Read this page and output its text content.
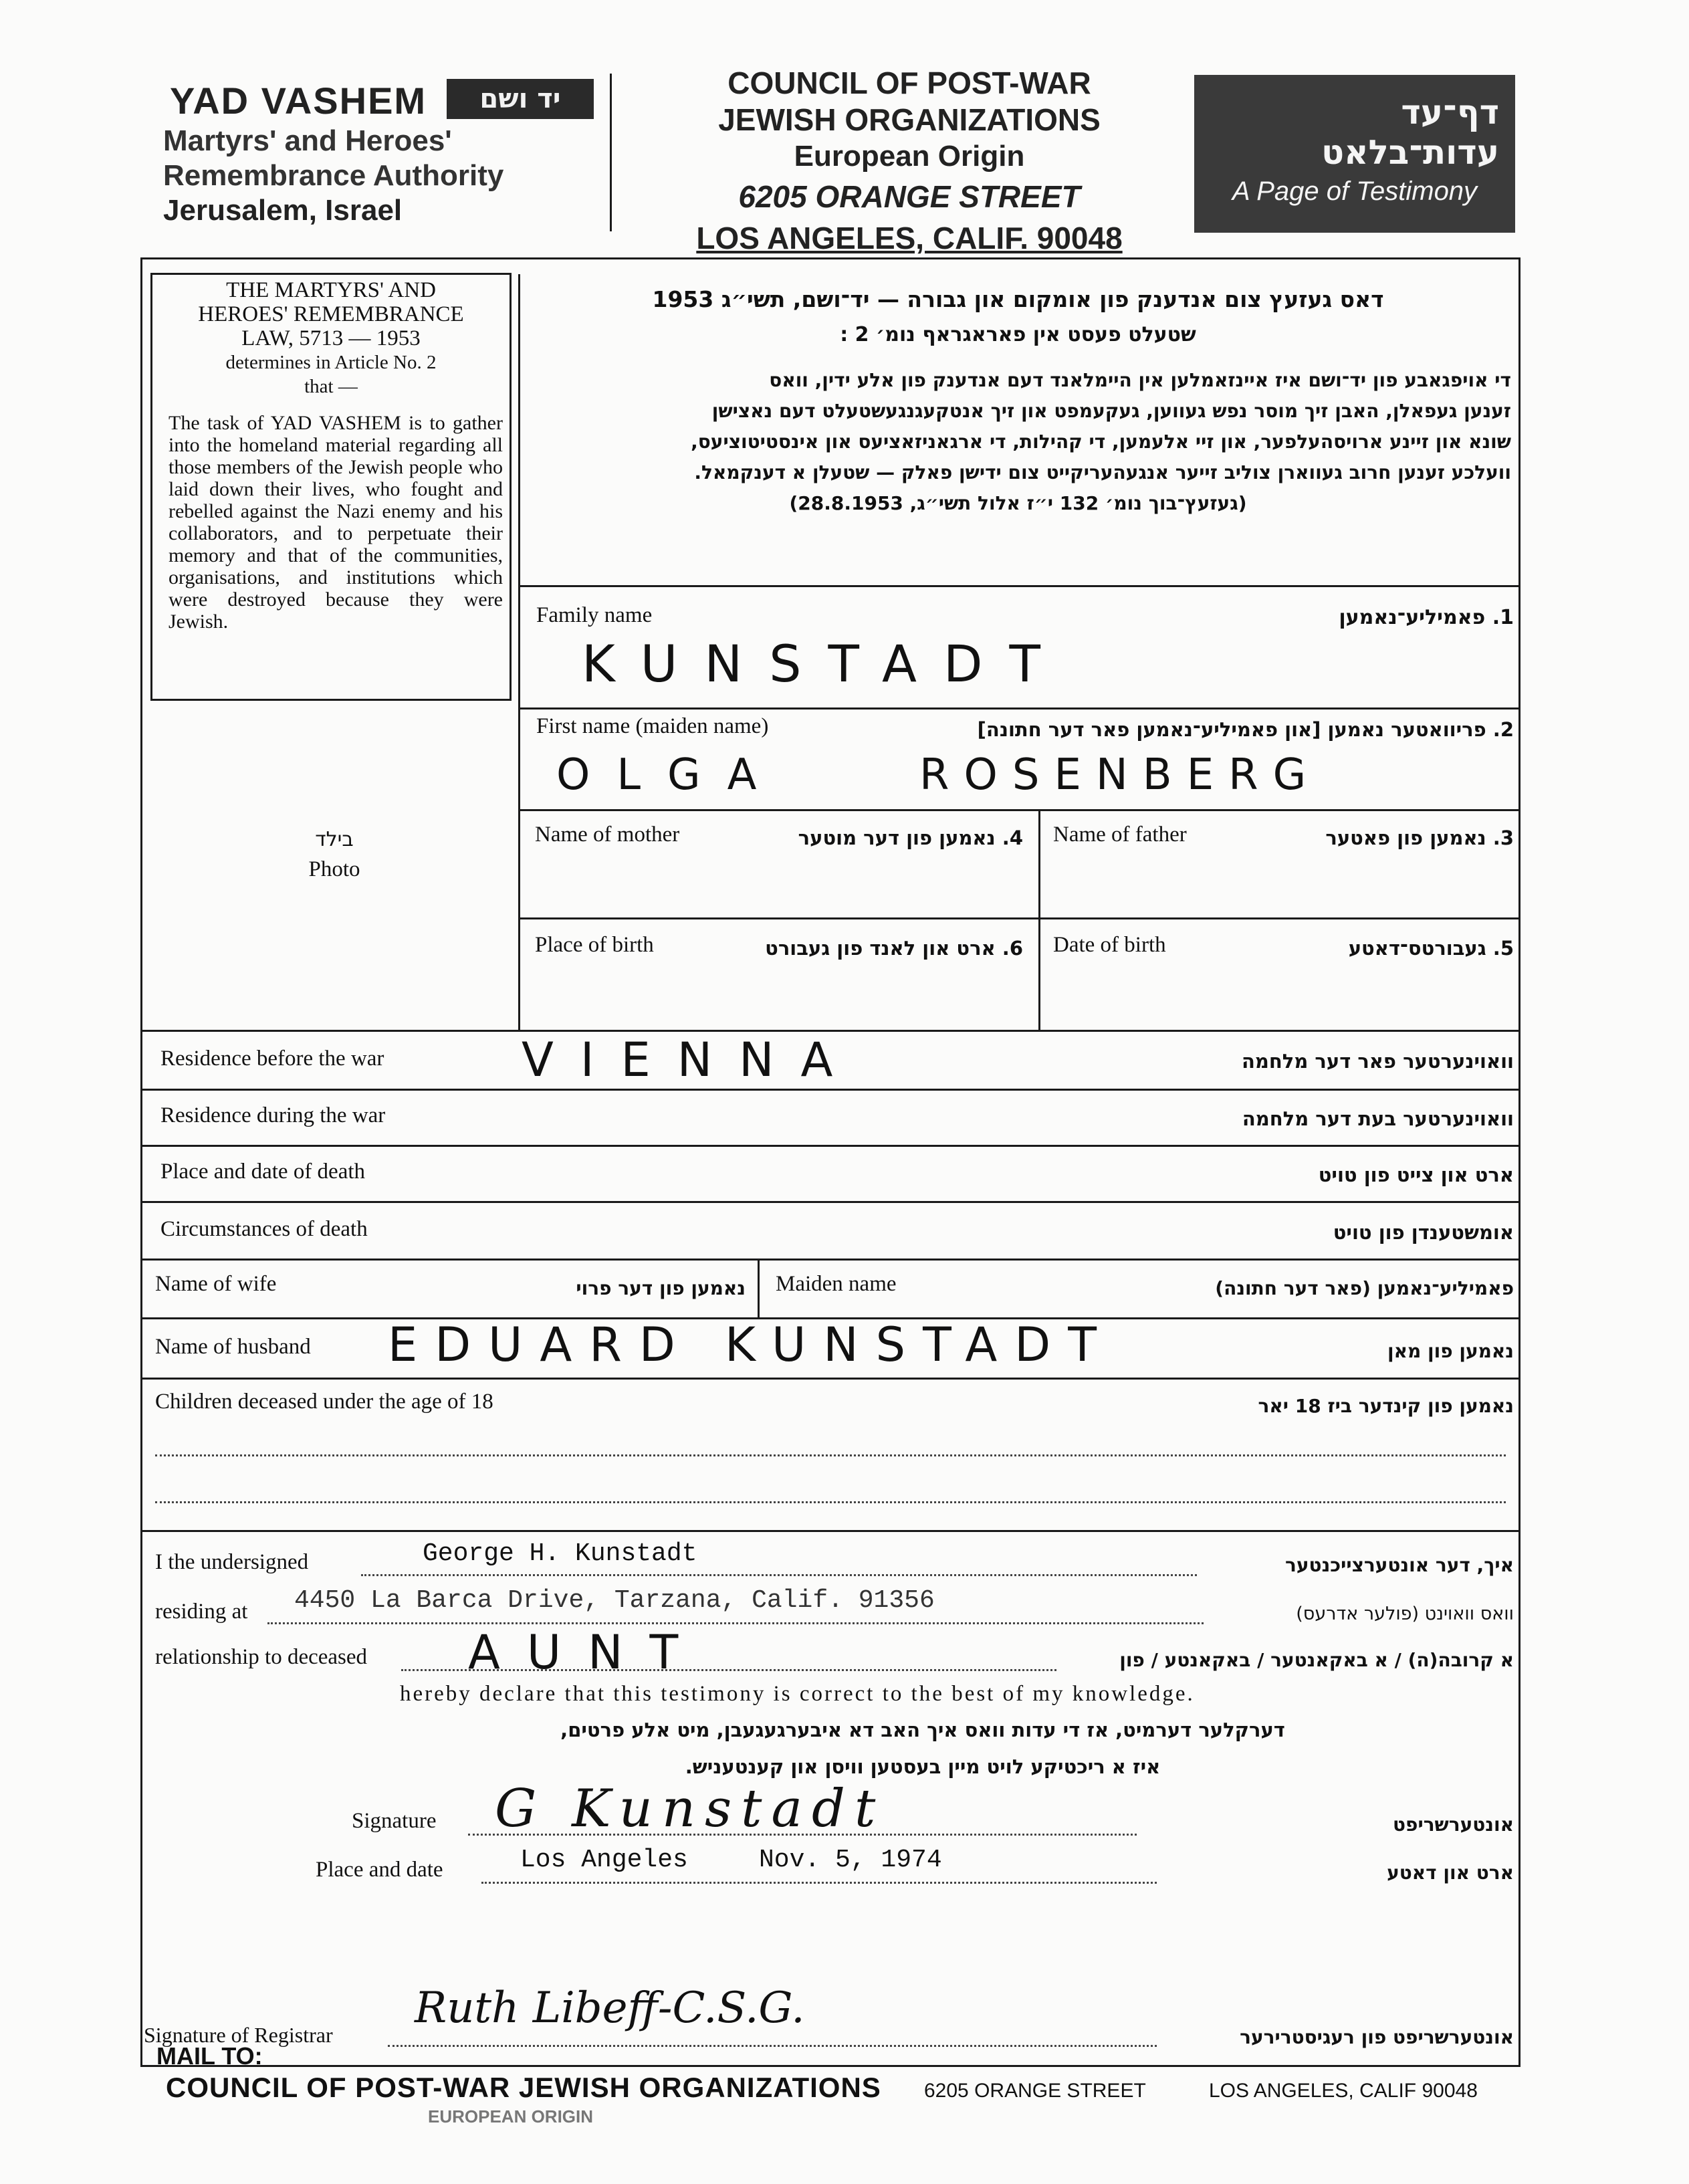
YAD VASHEM יד ושם
Martyrs' and Heroes'
Remembrance Authority
Jerusalem, Israel
COUNCIL OF POST-WAR
JEWISH ORGANIZATIONS
European Origin
6205 ORANGE STREET
LOS ANGELES, CALIF. 90048
דף־עד
עדות־בלאט
A Page of Testimony
THE MARTYRS' AND
HEROES' REMEMBRANCE
LAW, 5713 — 1953
determines in Article No. 2
that —
The task of YAD VASHEM is to gather into the homeland material regarding all those members of the Jewish people who laid down their lives, who fought and rebelled against the Nazi enemy and his collaborators, and to perpetuate their memory and that of the communities, organisations, and institutions which were destroyed because they were Jewish.
דאס געזעץ צום אנדענק פון אומקום און גבורה — יד־ושם, תשי״ג 1953
שטעלט פעסט אין פאראגראף נומ׳ 2 :
די אויפגאבע פון יד־ושם איז איינזאמלען אין היימלאנד דעם אנדענק פון אלע ידין, וואס
זענען געפאלן, האבן זיך מוסר נפש געווען, געקעמפט און זיך אנטקעגנגעשטעלט דעם נאצישן
שונא און זיינע ארויסהעלפער, און זיי אלעמען, די קהילות, די ארגאניזאציעס און אינסטיטוציעס,
וועלכע זענען חרוב געווארן צוליב זייער אנגעהעריקייט צום ידישן פאלק — שטעלן א דענקמאל.
(געזעץ־בוך נומ׳ 132 י״ז אלול תשי״ג, 28.8.1953)
Family name	1. פאמיליע־נאמען
KUNSTADT
First name (maiden name)	2. פריוואטער נאמען [און פאמיליע־נאמען פאר דער חתונה]
OLGA	ROSENBERG
בילד
Photo
Name of mother	4. נאמען פון דער מוטער Name of father	3. נאמען פון פאטער
Place of birth	6. ארט און לאנד פון געבורט Date of birth	5. געבורטס־דאטע
Residence before the war	VIENNA	וואוינערטער פאר דער מלחמה
Residence during the war	וואוינערטער בעת דער מלחמה
Place and date of death	ארט און צייט פון טויט
Circumstances of death	אומשטענדן פון טויט
Name of wife	נאמען פון דער פרוי Maiden name	פאמיליע־נאמען (פאר דער חתונה)
Name of husband EDUARD KUNSTADT	נאמען פון מאן
Children deceased under the age of 18	נאמען פון קינדער ביז 18 יאר
I the undersigned	George H. Kunstadt	איך, דער אונטערצייכנטער
residing at 4450 La Barca Drive, Tarzana, Calif. 91356	וואס וואוינט (פולער אדרעס)
relationship to deceased AUNT	א קרובה(ה) / א באקאנטער / באקאנטע / פון
hereby declare that this testimony is correct to the best of my knowledge.
דערקלער דערמיט, אז די עדות וואס איך האב דא איבערגעגעבן, מיט אלע פרטים,
איז א ריכטיקע לויט מיין בעסטען וויסן און קענטעניש.
Signature G Kunstadt	אונטערשריפט
Place and date	Los Angeles	Nov. 5, 1974	ארט און דאטע
Signature of Registrar
Ruth Libeff-C.S.G.
אונטערשריפט פון רעגיסטרירער
MAIL TO:
COUNCIL OF POST-WAR JEWISH ORGANIZATIONS 6205 ORANGE STREET	LOS ANGELES, CALIF 90048
EUROPEAN ORIGIN
